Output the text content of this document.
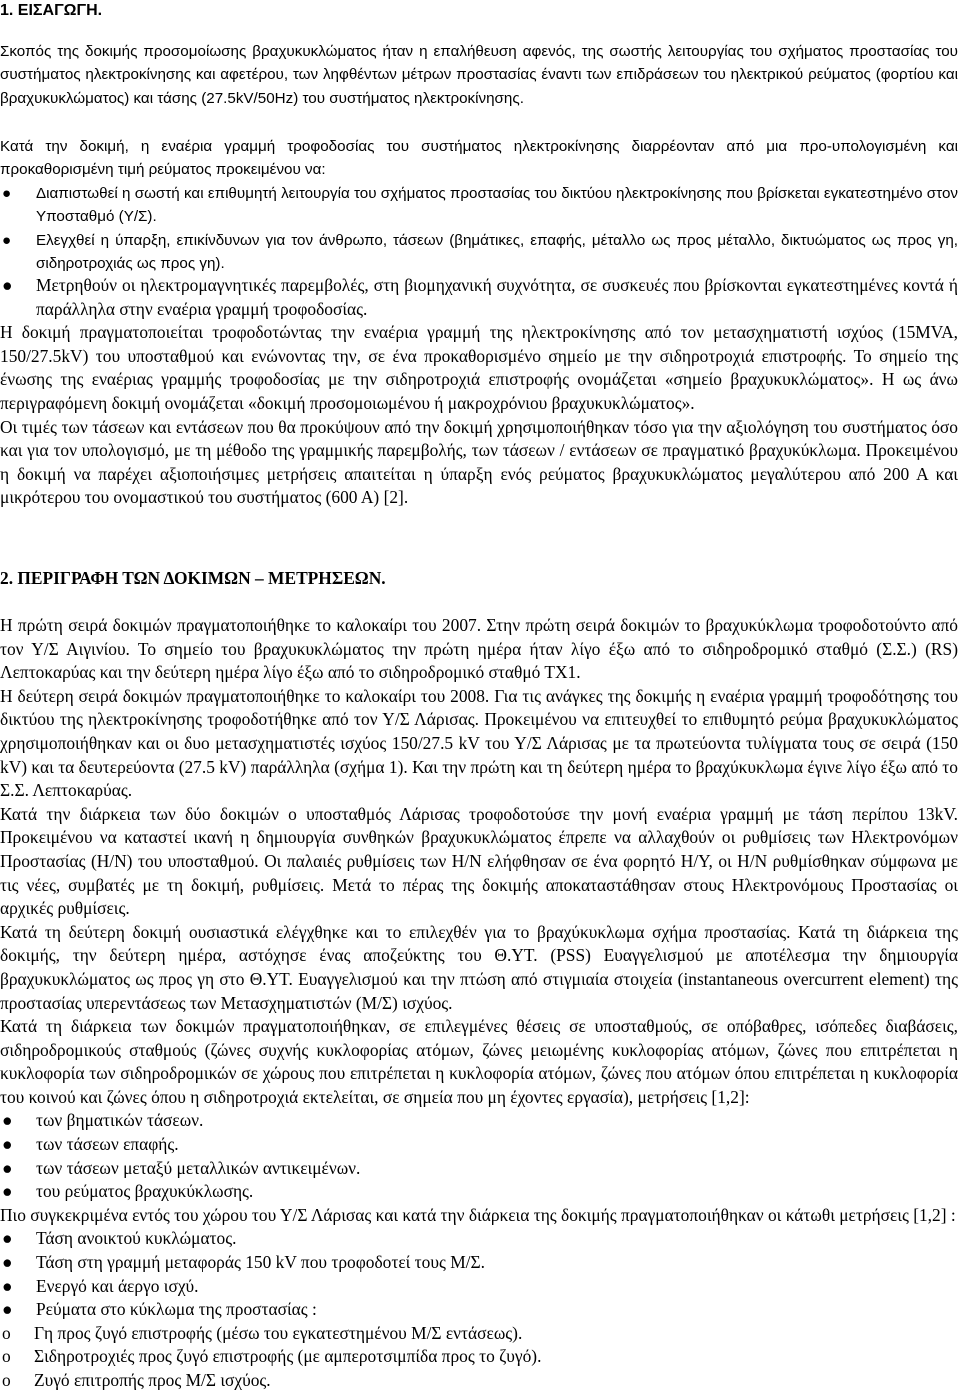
1. ΕΙΣΑΓΩΓΗ.

Σκοπός της δοκιμής προσομοίωσης βραχυκυκλώματος ήταν η επαλήθευση αφενός, της σωστής λειτουργίας του σχήματος προστασίας του συστήματος ηλεκτροκίνησης και αφετέρου, των ληφθέντων μέτρων προστασίας έναντι των επιδράσεων του ηλεκτρικού ρεύματος (φορτίου και βραχυκυκλώματος) και τάσης (27.5kV/50Hz) του συστήματος ηλεκτροκίνησης.

Κατά την δοκιμή, η εναέρια γραμμή τροφοδοσίας του συστήματος ηλεκτροκίνησης διαρρέονταν από μια προ-υπολογισμένη και προκαθορισμένη τιμή ρεύματος προκειμένου να:

● Διαπιστωθεί η σωστή και επιθυμητή λειτουργία του σχήματος προστασίας του δικτύου ηλεκτροκίνησης που βρίσκεται εγκατεστημένο στον Υποσταθμό (Υ/Σ).
● Ελεγχθεί η ύπαρξη, επικίνδυνων για τον άνθρωπο, τάσεων (βημάτικες, επαφής, μέταλλο ως προς μέταλλο, δικτυώματος ως προς γη, σιδηροτροχιάς ως προς γη).
● Μετρηθούν οι ηλεκτρομαγνητικές παρεμβολές, στη βιομηχανική συχνότητα, σε συσκευές που βρίσκονται εγκατεστημένες κοντά ή παράλληλα στην εναέρια γραμμή τροφοδοσίας.

Η δοκιμή πραγματοποιείται τροφοδοτώντας την εναέρια γραμμή της ηλεκτροκίνησης από τον μετασχηματιστή ισχύος (15MVA, 150/27.5kV) του υποσταθμού και ενώνοντας την, σε ένα προκαθορισμένο σημείο με την σιδηροτροχιά επιστροφής. Το σημείο της ένωσης της εναέριας γραμμής τροφοδοσίας με την σιδηροτροχιά επιστροφής ονομάζεται «σημείο βραχυκυκλώματος». Η ως άνω περιγραφόμενη δοκιμή ονομάζεται «δοκιμή προσομοιωμένου ή μακροχρόνιου βραχυκυκλώματος».

Οι τιμές των τάσεων και εντάσεων που θα προκύψουν από την δοκιμή χρησιμοποιήθηκαν τόσο για την αξιολόγηση του συστήματος όσο και για τον υπολογισμό, με τη μέθοδο της γραμμικής παρεμβολής, των τάσεων / εντάσεων σε πραγματικό βραχυκύκλωμα. Προκειμένου η δοκιμή να παρέχει αξιοποιήσιμες μετρήσεις απαιτείται η ύπαρξη ενός ρεύματος βραχυκυκλώματος μεγαλύτερου από 200 Α και μικρότερου του ονομαστικού του συστήματος (600 Α) [2].

2. ΠΕΡΙΓΡΑΦΗ ΤΩΝ ΔΟΚΙΜΩΝ – ΜΕΤΡΗΣΕΩΝ.

Η πρώτη σειρά δοκιμών πραγματοποιήθηκε το καλοκαίρι του 2007. Στην πρώτη σειρά δοκιμών το βραχυκύκλωμα τροφοδοτούντο από τον Υ/Σ Αιγινίου. Το σημείο του βραχυκυκλώματος την πρώτη ημέρα ήταν λίγο έξω από το σιδηροδρομικό σταθμό (Σ.Σ.) (RS) Λεπτοκαρύας και την δεύτερη ημέρα λίγο έξω από το σιδηροδρομικό σταθμό ΤΧ1.

Η δεύτερη σειρά δοκιμών πραγματοποιήθηκε το καλοκαίρι του 2008. Για τις ανάγκες της δοκιμής η εναέρια γραμμή τροφοδότησης του δικτύου της ηλεκτροκίνησης τροφοδοτήθηκε από τον Υ/Σ Λάρισας. Προκειμένου να επιτευχθεί το επιθυμητό ρεύμα βραχυκυκλώματος χρησιμοποιήθηκαν και οι δυο μετασχηματιστές ισχύος 150/27.5 kV του Υ/Σ Λάρισας με τα πρωτεύοντα τυλίγματα τους σε σειρά (150 kV) και τα δευτερεύοντα (27.5 kV) παράλληλα (σχήμα 1). Και την πρώτη και τη δεύτερη ημέρα το βραχύκυκλωμα έγινε λίγο έξω από το Σ.Σ. Λεπτοκαρύας.

Κατά την διάρκεια των δύο δοκιμών ο υποσταθμός Λάρισας τροφοδοτούσε την μονή εναέρια γραμμή με τάση περίπου 13kV. Προκειμένου να καταστεί ικανή η δημιουργία συνθηκών βραχυκυκλώματος έπρεπε να αλλαχθούν οι ρυθμίσεις των Ηλεκτρονόμων Προστασίας (Η/Ν) του υποσταθμού. Οι παλαιές ρυθμίσεις των Η/Ν ελήφθησαν σε ένα φορητό Η/Υ, οι Η/Ν ρυθμίσθηκαν σύμφωνα με τις νέες, συμβατές με τη δοκιμή, ρυθμίσεις. Μετά το πέρας της δοκιμής αποκαταστάθησαν στους Ηλεκτρονόμους Προστασίας οι αρχικές ρυθμίσεις.

Κατά τη δεύτερη δοκιμή ουσιαστικά ελέγχθηκε και το επιλεχθέν για το βραχύκυκλωμα σχήμα προστασίας. Κατά τη διάρκεια της δοκιμής, την δεύτερη ημέρα, αστόχησε ένας αποζεύκτης του Θ.ΥΤ. (PSS) Ευαγγελισμού με αποτέλεσμα την δημιουργία βραχυκυκλώματος ως προς γη στο Θ.ΥΤ. Ευαγγελισμού και την πτώση από στιγμιαία στοιχεία (instantaneous overcurrent element) της προστασίας υπερεντάσεως των Μετασχηματιστών (Μ/Σ) ισχύος.

Κατά τη διάρκεια των δοκιμών πραγματοποιήθηκαν, σε επιλεγμένες θέσεις σε υποσταθμούς, σε οπόβαθρες, ισόπεδες διαβάσεις, σιδηροδρομικούς σταθμούς (ζώνες συχνής κυκλοφορίας ατόμων, ζώνες μειωμένης κυκλοφορίας ατόμων, ζώνες που επιτρέπεται η κυκλοφορία των σιδηροδρομικών σε χώρους που επιτρέπεται η κυκλοφορία ατόμων, ζώνες που ατόμων όπου επιτρέπεται η κυκλοφορία του κοινού και ζώνες όπου η σιδηροτροχιά εκτελείται, σε σημεία που μη έχοντες εργασία), μετρήσεις [1,2]:

● των βηματικών τάσεων.
● των τάσεων επαφής.
● των τάσεων μεταξύ μεταλλικών αντικειμένων.
● του ρεύματος βραχυκύκλωσης.

Πιο συγκεκριμένα εντός του χώρου του Υ/Σ Λάρισας και κατά την διάρκεια της δοκιμής πραγματοποιήθηκαν οι κάτωθι μετρήσεις [1,2] :

● Τάση ανοικτού κυκλώματος.
● Τάση στη γραμμή μεταφοράς 150 kV που τροφοδοτεί τους Μ/Σ.
● Ενεργό και άεργο ισχύ.
● Ρεύματα στο κύκλωμα της προστασίας :
o Γη προς ζυγό επιστροφής (μέσω του εγκατεστημένου Μ/Σ εντάσεως).
o Σιδηροτροχιές προς ζυγό επιστροφής (με αμπεροτσιμπίδα προς το ζυγό).
o Ζυγό επιτροπής προς Μ/Σ ισχύος.
